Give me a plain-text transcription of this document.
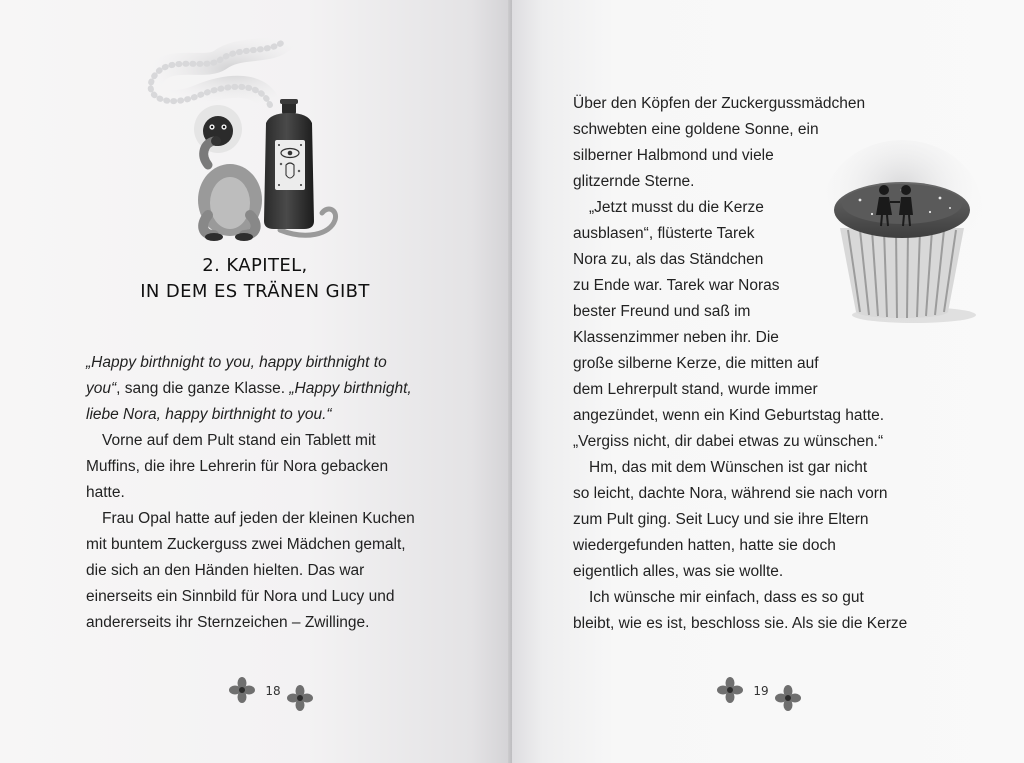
2. KAPITEL,
IN DEM ES TRÄNEN GIBT
„Happy birthnight to you, happy birthnight to
you“, sang die ganze Klasse. „Happy birthnight,
liebe Nora, happy birthnight to you.“
Vorne auf dem Pult stand ein Tablett mit
Muffins, die ihre Lehrerin für Nora gebacken
hatte.
Frau Opal hatte auf jeden der kleinen Kuchen
mit buntem Zuckerguss zwei Mädchen gemalt,
die sich an den Händen hielten. Das war
einerseits ein Sinnbild für Nora und Lucy und
andererseits ihr Sternzeichen – Zwillinge.
18
Über den Köpfen der Zuckergussmädchen
schwebten eine goldene Sonne, ein
silberner Halbmond und viele
glitzernde Sterne.
„Jetzt musst du die Kerze
ausblasen“, flüsterte Tarek
Nora zu, als das Ständchen
zu Ende war. Tarek war Noras
bester Freund und saß im
Klassenzimmer neben ihr. Die
große silberne Kerze, die mitten auf
dem Lehrerpult stand, wurde immer
angezündet, wenn ein Kind Geburtstag hatte.
„Vergiss nicht, dir dabei etwas zu wünschen.“
Hm, das mit dem Wünschen ist gar nicht
so leicht, dachte Nora, während sie nach vorn
zum Pult ging. Seit Lucy und sie ihre Eltern
wiedergefunden hatten, hatte sie doch
eigentlich alles, was sie wollte.
Ich wünsche mir einfach, dass es so gut
bleibt, wie es ist, beschloss sie. Als sie die Kerze
19
